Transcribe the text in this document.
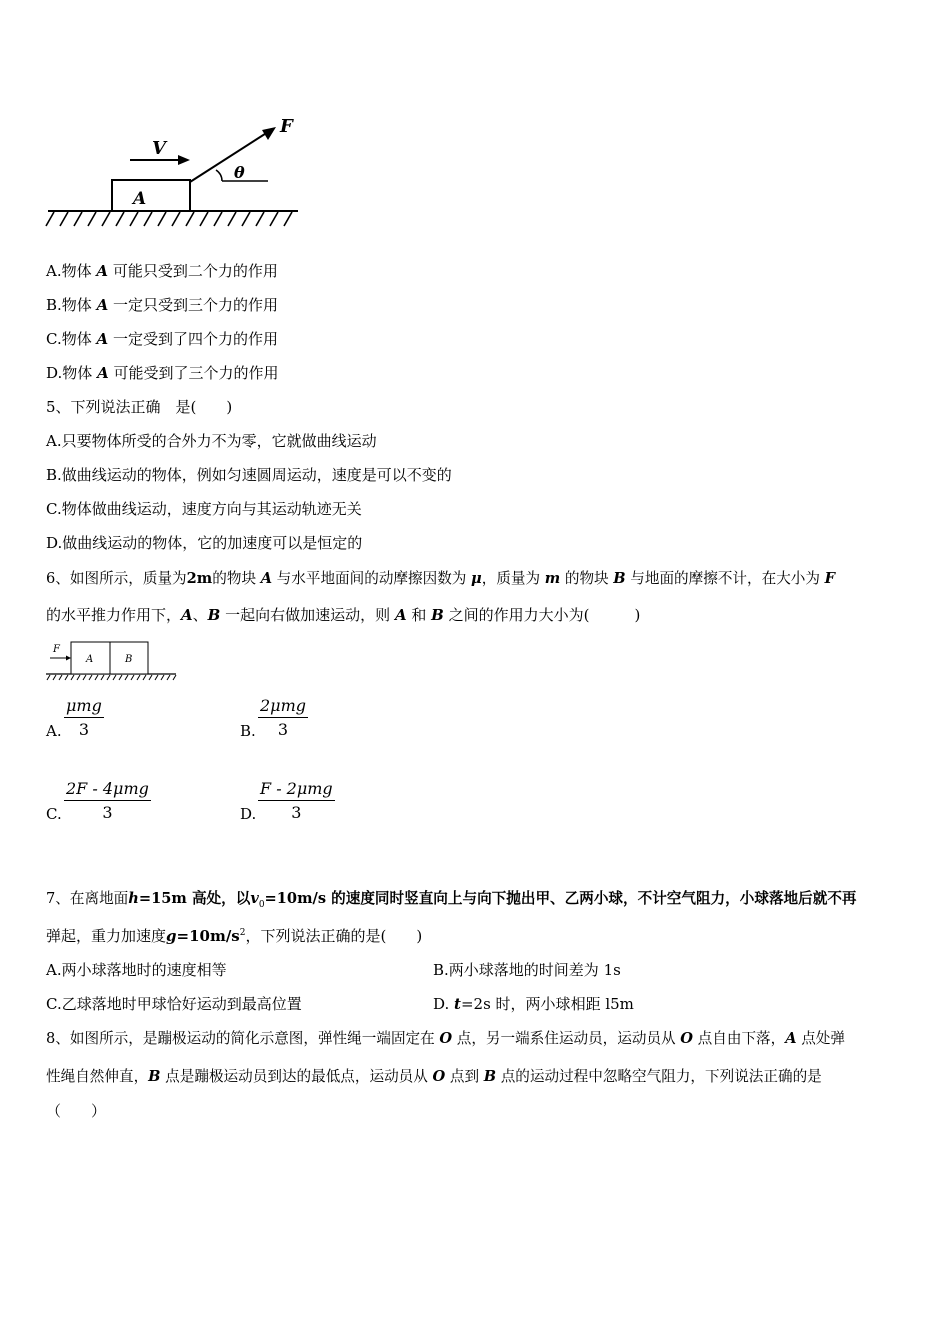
A
V
F
θ
A.物体 A 可能只受到二个力的作用
B.物体 A 一定只受到三个力的作用
C.物体 A 一定受到了四个力的作用
D.物体 A 可能受到了三个力的作用
5、下列说法正确　是(　　)
A.只要物体所受的合外力不为零，它就做曲线运动
B.做曲线运动的物体，例如匀速圆周运动，速度是可以不变的
C.物体做曲线运动，速度方向与其运动轨迹无关
D.做曲线运动的物体，它的加速度可以是恒定的
6、如图所示，质量为2m的物块 A 与水平地面间的动摩擦因数为 μ，质量为 m 的物块 B 与地面的摩擦不计，在大小为 F
的水平推力作用下，A、B 一起向右做加速运动，则 A 和 B 之间的作用力大小为(　　　)
A	B
F
A.
μmg
3	B.
2μmg
3
C.
2F - 4μmg
3	D.
F - 2μmg
3
7、在离地面h=15m 高处，以$v_0=10m/s$ 的速度同时竖直向上与向下抛出甲、乙两小球，不计空气阻力，小球落地后就不再
弹起，重力加速度$g=10m/s^2$，下列说法正确的是(　　)
A.两小球落地时的速度相等	B.两小球落地的时间差为 1s
C.乙球落地时甲球恰好运动到最高位置	D. t=2s 时，两小球相距 l5m
8、如图所示，是蹦极运动的简化示意图，弹性绳一端固定在 O 点，另一端系住运动员，运动员从 O 点自由下落，A 点处弹
性绳自然伸直，B 点是蹦极运动员到达的最低点，运动员从 O 点到 B 点的运动过程中忽略空气阻力，下列说法正确的是
（　　）
